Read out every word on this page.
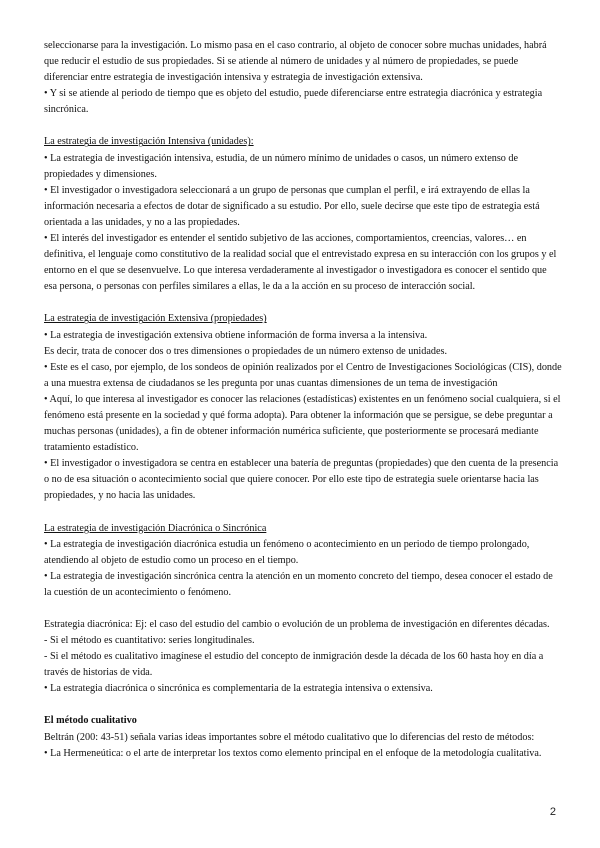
seleccionarse para la investigación. Lo mismo pasa en el caso contrario, al objeto de conocer sobre muchas unidades, habrá que reducir el estudio de sus propiedades. Si se atiende al número de unidades y al número de propiedades, se puede diferenciar entre estrategia de investigación intensiva y estrategia de investigación extensiva.

• Y si se atiende al periodo de tiempo que es objeto del estudio, puede diferenciarse entre estrategia diacrónica y estrategia sincrónica.

La estrategia de investigación Intensiva (unidades):

• La estrategia de investigación intensiva, estudia, de un número mínimo de unidades o casos, un número extenso de propiedades y dimensiones.

• El investigador o investigadora seleccionará a un grupo de personas que cumplan el perfil, e irá extrayendo de ellas la información necesaria a efectos de dotar de significado a su estudio. Por ello, suele decirse que este tipo de estrategia está orientada a las unidades, y no a las propiedades.

• El interés del investigador es entender el sentido subjetivo de las acciones, comportamientos, creencias, valores… en definitiva, el lenguaje como constitutivo de la realidad social que el entrevistado expresa en su interacción con los grupos y el entorno en el que se desenvuelve. Lo que interesa verdaderamente al investigador o investigadora es conocer el sentido que esa persona, o personas con perfiles similares a ellas, le da a la acción en su proceso de interacción social.

La estrategia de investigación Extensiva (propiedades)

• La estrategia de investigación extensiva obtiene información de forma inversa a la intensiva.

Es decir, trata de conocer dos o tres dimensiones o propiedades de un número extenso de unidades.

• Este es el caso, por ejemplo, de los sondeos de opinión realizados por el Centro de Investigaciones Sociológicas (CIS), donde a una muestra extensa de ciudadanos se les pregunta por unas cuantas dimensiones de un tema de investigación

• Aquí, lo que interesa al investigador es conocer las relaciones (estadísticas) existentes en un fenómeno social cualquiera, si el fenómeno está presente en la sociedad y qué forma adopta). Para obtener la información que se persigue, se debe preguntar a muchas personas (unidades), a fin de obtener información numérica suficiente, que posteriormente se procesará mediante tratamiento estadístico.

• El investigador o investigadora se centra en establecer una batería de preguntas (propiedades) que den cuenta de la presencia o no de esa situación o acontecimiento social que quiere conocer. Por ello este tipo de estrategia suele orientarse hacia las propiedades, y no hacia las unidades.

La estrategia de investigación Diacrónica o Sincrónica

• La estrategia de investigación diacrónica estudia un fenómeno o acontecimiento en un periodo de tiempo prolongado, atendiendo al objeto de estudio como un proceso en el tiempo.

• La estrategia de investigación sincrónica centra la atención en un momento concreto del tiempo, desea conocer el estado de la cuestión de un acontecimiento o fenómeno.

Estrategia diacrónica: Ej: el caso del estudio del cambio o evolución de un problema de investigación en diferentes décadas.

- Si el método es cuantitativo: series longitudinales.

- Si el método es cualitativo imagínese el estudio del concepto de inmigración desde la década de los 60 hasta hoy en día a través de historias de vida.

• La estrategia diacrónica o sincrónica es complementaria de la estrategia intensiva o extensiva.

El método cualitativo

Beltrán (200: 43-51) señala varias ideas importantes sobre el método cualitativo que lo diferencias del resto de métodos:

• La Hermeneútica: o el arte de interpretar los textos como elemento principal en el enfoque de la metodología cualitativa.

2
